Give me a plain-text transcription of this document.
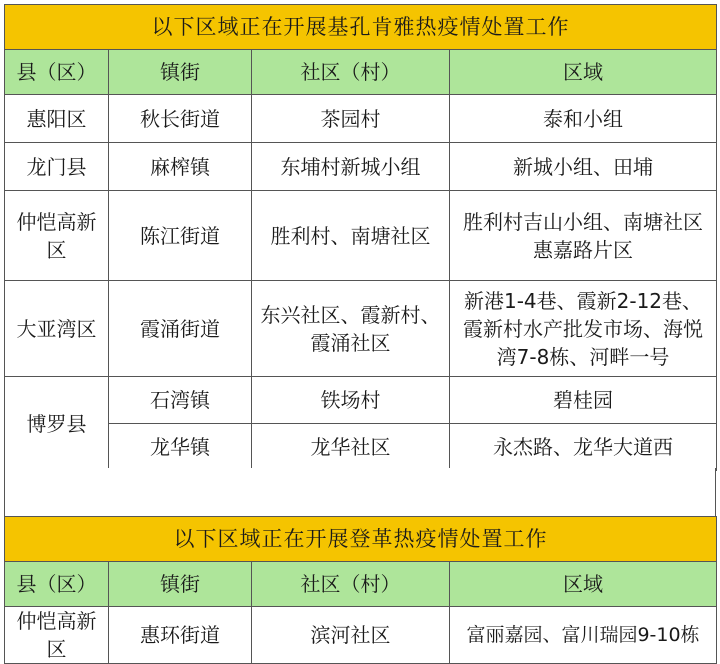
以下区域正在开展基孔肯雅热疫情处置工作			
县（区）	镇街	社区（村）	区域
惠阳区	秋长街道	茶园村	泰和小组
龙门县	麻榨镇	东埔村新城小组	新城小组、田埔
仲恺高新区	陈江街道	胜利村、南塘社区	胜利村吉山小组、南塘社区惠嘉路片区
大亚湾区	霞涌街道	东兴社区、霞新村、霞涌社区	新港1-4巷、霞新2-12巷、霞新村水产批发市场、海悦湾7-8栋、河畔一号
博罗县	石湾镇	铁场村	碧桂园
	龙华镇	龙华社区	永杰路、龙华大道西
以下区域正在开展登革热疫情处置工作			
县（区）	镇街	社区（村）	区域
仲恺高新区	惠环街道	滨河社区	富丽嘉园、富川瑞园9-10栋
